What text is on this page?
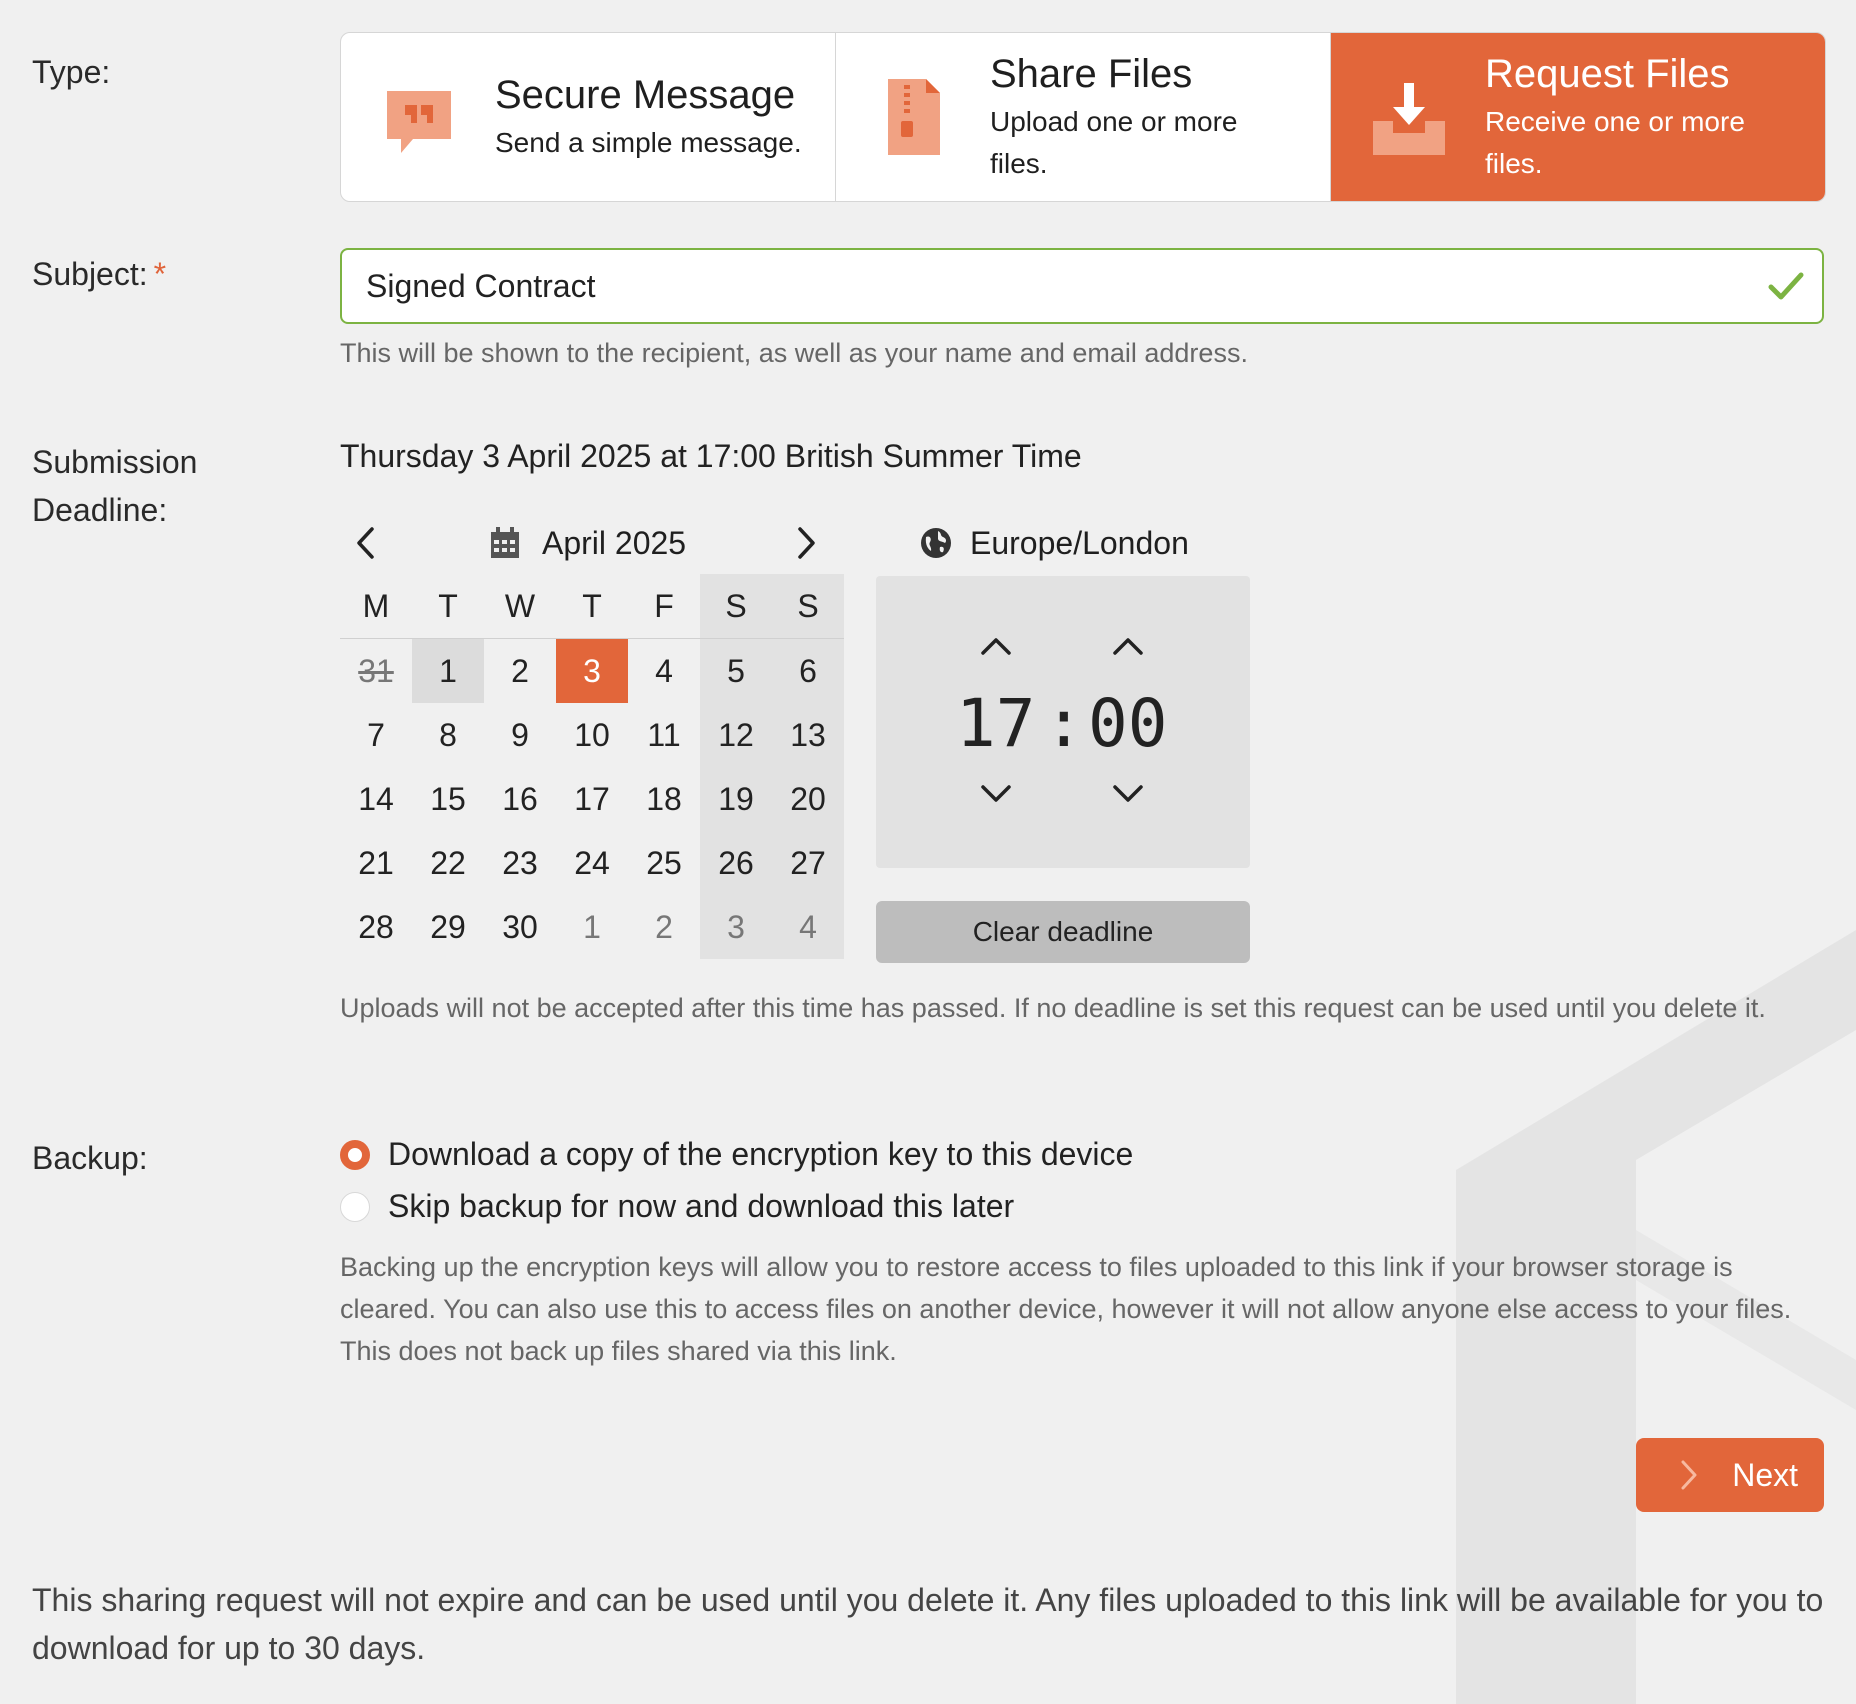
Type:
Secure Message
Send a simple message.
Share Files
Upload one or more files.
Request Files
Receive one or more files.
Subject: *
Signed Contract
This will be shown to the recipient, as well as your name and email address.
Submission
Deadline:
Thursday 3 April 2025 at 17:00 British Summer Time
April 2025
M	T	W	T	F	S	S
31	1	2	3	4	5	6
7	8	9	10	11	12	13
14	15	16	17	18	19	20
21	22	23	24	25	26	27
28	29	30	1	2	3	4
Europe/London
17 : 00
Clear deadline
Uploads will not be accepted after this time has passed. If no deadline is set this request can be used until you delete it.
Backup:	Download a copy of the encryption key to this device
Skip backup for now and download this later
Backing up the encryption keys will allow you to restore access to files uploaded to this link if your browser storage is cleared. You can also use this to access files on another device, however it will not allow anyone else access to your files. This does not back up files shared via this link.
Next
This sharing request will not expire and can be used until you delete it. Any files uploaded to this link will be available for you to download for up to 30 days.
